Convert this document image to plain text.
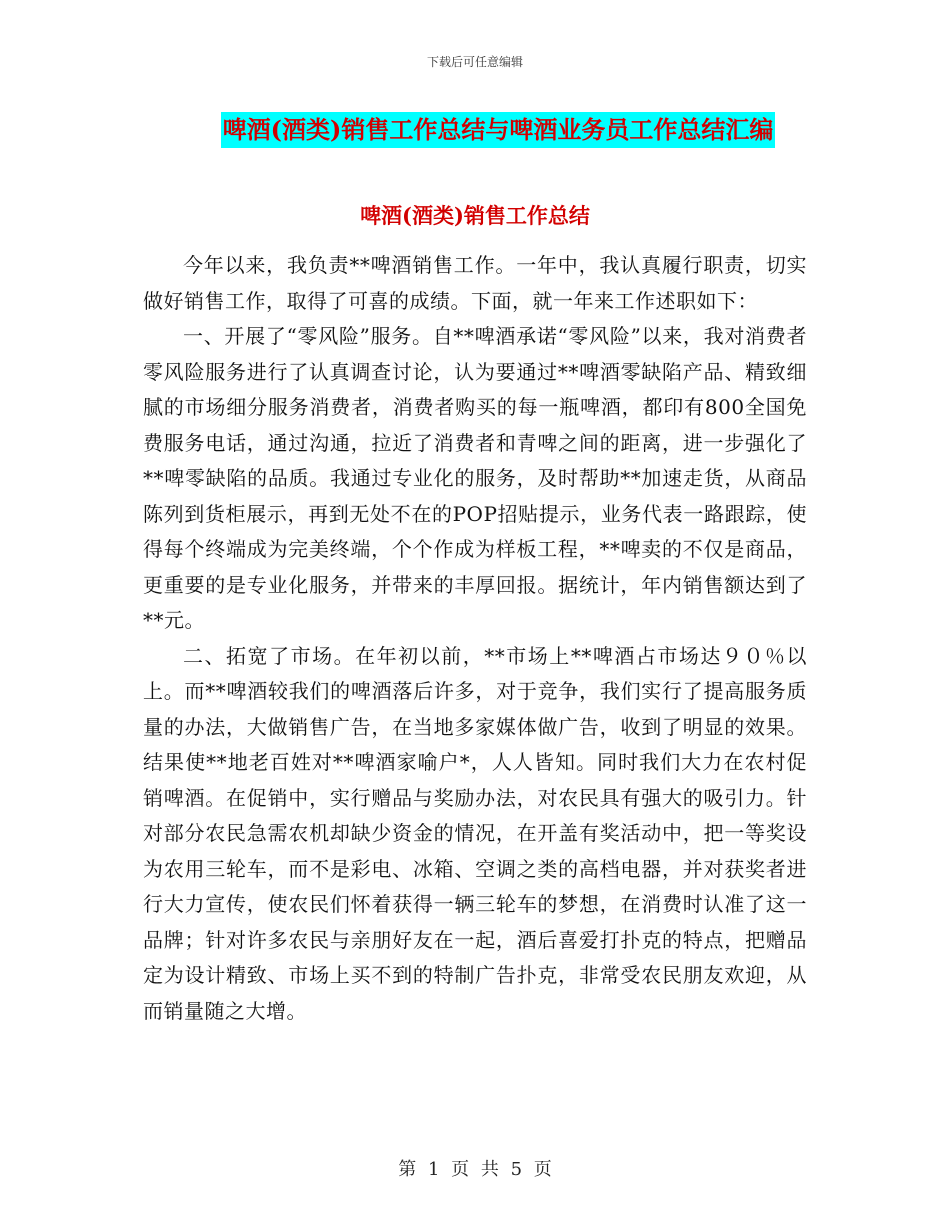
下载后可任意编辑
啤酒(酒类)销售工作总结与啤酒业务员工作总结汇编
啤酒(酒类)销售工作总结

今年以来，我负责**啤酒销售工作。一年中，我认真履行职责，切实做好销售工作，取得了可喜的成绩。下面，就一年来工作述职如下：

一、开展了“零风险”服务。自**啤酒承诺“零风险”以来，我对消费者零风险服务进行了认真调查讨论，认为要通过**啤酒零缺陷产品、精致细腻的市场细分服务消费者，消费者购买的每一瓶啤酒，都印有800全国免费服务电话，通过沟通，拉近了消费者和青啤之间的距离，进一步强化了**啤零缺陷的品质。我通过专业化的服务，及时帮助**加速走货，从商品陈列到货柜展示，再到无处不在的POP招贴提示，业务代表一路跟踪，使得每个终端成为完美终端，个个作成为样板工程，**啤卖的不仅是商品，更重要的是专业化服务，并带来的丰厚回报。据统计，年内销售额达到了**元。

二、拓宽了市场。在年初以前，**市场上**啤酒占市场达９０％以上。而**啤酒较我们的啤酒落后许多，对于竞争，我们实行了提高服务质量的办法，大做销售广告，在当地多家媒体做广告，收到了明显的效果。结果使**地老百姓对**啤酒家喻户*，人人皆知。同时我们大力在农村促销啤酒。在促销中，实行赠品与奖励办法，对农民具有强大的吸引力。针对部分农民急需农机却缺少资金的情况，在开盖有奖活动中，把一等奖设为农用三轮车，而不是彩电、冰箱、空调之类的高档电器，并对获奖者进行大力宣传，使农民们怀着获得一辆三轮车的梦想，在消费时认准了这一品牌；针对许多农民与亲朋好友在一起，酒后喜爱打扑克的特点，把赠品定为设计精致、市场上买不到的特制广告扑克，非常受农民朋友欢迎，从而销量随之大增。

第 1 页 共 5 页
